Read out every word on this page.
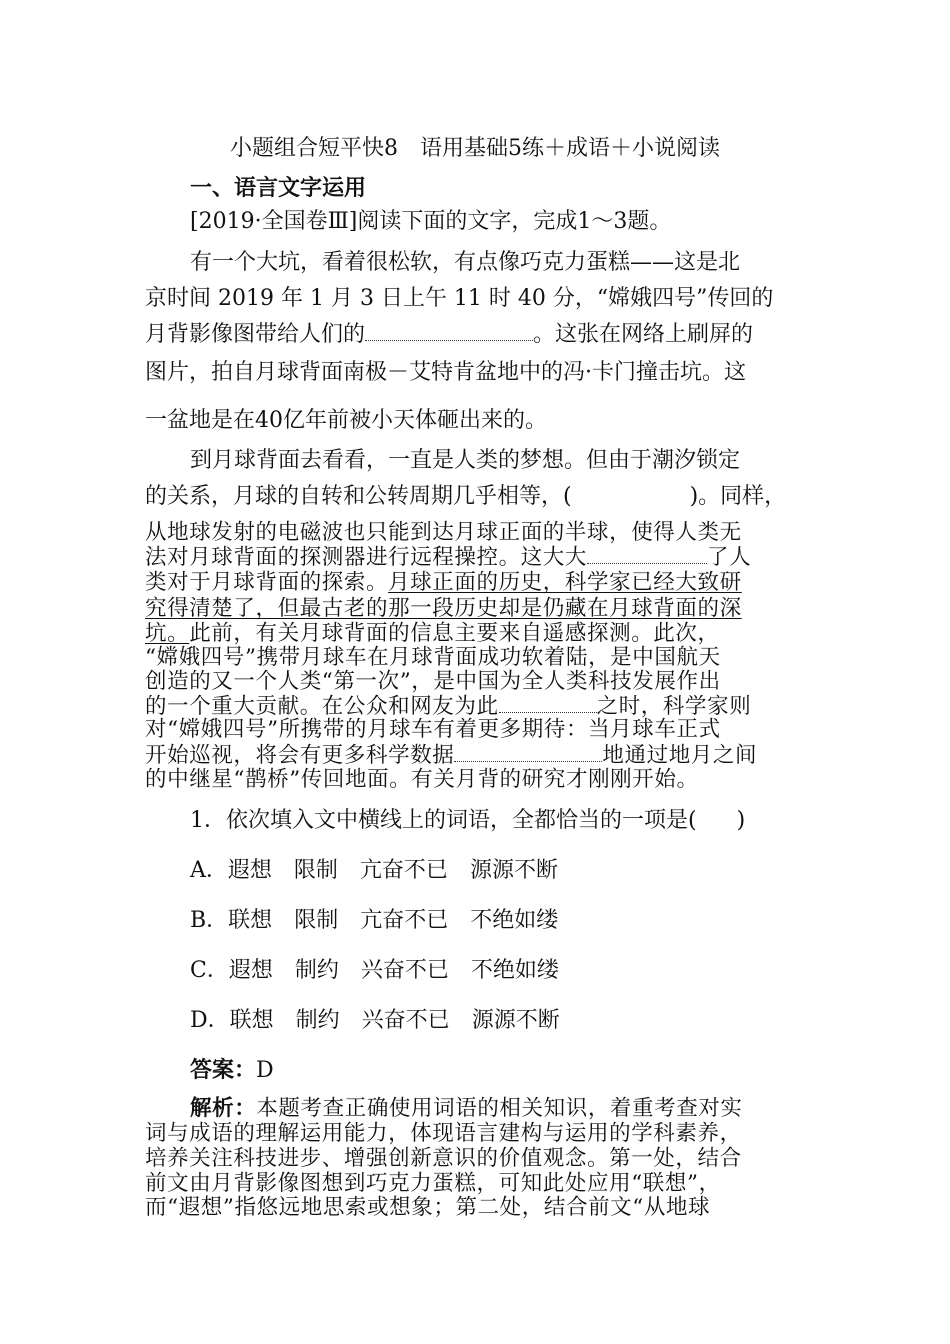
小题组合短平快8　语用基础5练＋成语＋小说阅读
一、语言文字运用
[2019·全国卷Ⅲ]阅读下面的文字，完成1～3题。
有一个大坑，看着很松软，有点像巧克力蛋糕——这是北
京时间 2019 年 1 月 3 日上午 11 时 40 分，“嫦娥四号”传回的
月背影像图带给人们的	。这张在网络上刷屏的
图片，拍自月球背面南极－艾特肯盆地中的冯·卡门撞击坑。这
一盆地是在40亿年前被小天体砸出来的。
到月球背面去看看，一直是人类的梦想。但由于潮汐锁定
的关系，月球的自转和公转周期几乎相等，(	)。同样，
从地球发射的电磁波也只能到达月球正面的半球，使得人类无
法对月球背面的探测器进行远程操控。这大大	了人
类对于月球背面的探索。月球正面的历史，科学家已经大致研
究得清楚了，但最古老的那一段历史却是仍藏在月球背面的深
坑。此前，有关月球背面的信息主要来自遥感探测。此次，
“嫦娥四号”携带月球车在月球背面成功软着陆，是中国航天
创造的又一个人类“第一次”，是中国为全人类科技发展作出
的一个重大贡献。在公众和网友为此	之时，科学家则
对“嫦娥四号”所携带的月球车有着更多期待：当月球车正式
开始巡视，将会有更多科学数据	地通过地月之间
的中继星“鹊桥”传回地面。有关月背的研究才刚刚开始。
1．依次填入文中横线上的词语，全都恰当的一项是( )
A．遐想 限制 亢奋不已 源源不断
B．联想 限制 亢奋不已 不绝如缕
C．遐想 制约 兴奋不已 不绝如缕
D．联想 制约 兴奋不已 源源不断
答案：D
解析：本题考查正确使用词语的相关知识，着重考查对实
词与成语的理解运用能力，体现语言建构与运用的学科素养，
培养关注科技进步、增强创新意识的价值观念。第一处，结合
前文由月背影像图想到巧克力蛋糕，可知此处应用“联想”，
而“遐想”指悠远地思索或想象；第二处，结合前文“从地球
